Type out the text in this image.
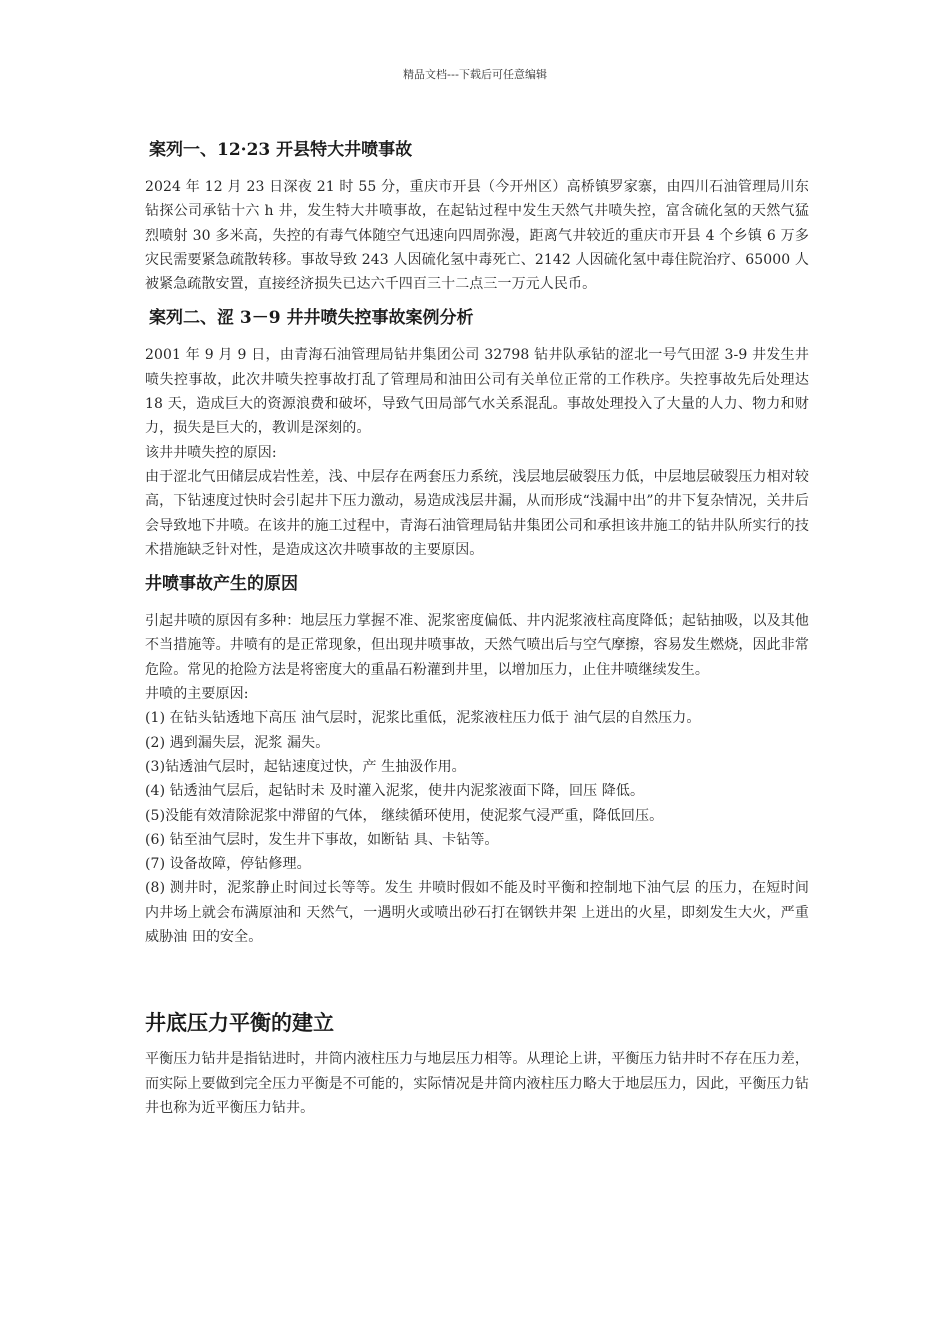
精品文档---下载后可任意编辑
案列一、12·23 开县特大井喷事故

2024 年 12 月 23 日深夜 21 时 55 分，重庆市开县（今开州区）高桥镇罗家寨，由四川石油管理局川东钻探公司承钻十六 h 井，发生特大井喷事故，在起钻过程中发生天然气井喷失控，富含硫化氢的天然气猛烈喷射 30 多米高，失控的有毒气体随空气迅速向四周弥漫，距离气井较近的重庆市开县 4 个乡镇 6 万多灾民需要紧急疏散转移。事故导致 243 人因硫化氢中毒死亡、2142 人因硫化氢中毒住院治疗、65000 人被紧急疏散安置，直接经济损失已达六千四百三十二点三一万元人民币。

案列二、涩 3－9 井井喷失控事故案例分析

2001 年 9 月 9 日，由青海石油管理局钻井集团公司 32798 钻井队承钻的涩北一号气田涩 3-9 井发生井喷失控事故，此次井喷失控事故打乱了管理局和油田公司有关单位正常的工作秩序。失控事故先后处理达 18 天，造成巨大的资源浪费和破坏，导致气田局部气水关系混乱。事故处理投入了大量的人力、物力和财力，损失是巨大的，教训是深刻的。

该井井喷失控的原因:

由于涩北气田储层成岩性差，浅、中层存在两套压力系统，浅层地层破裂压力低，中层地层破裂压力相对较高，下钻速度过快时会引起井下压力激动，易造成浅层井漏，从而形成“浅漏中出”的井下复杂情况，关井后会导致地下井喷。在该井的施工过程中，青海石油管理局钻井集团公司和承担该井施工的钻井队所实行的技术措施缺乏针对性，是造成这次井喷事故的主要原因。

井喷事故产生的原因

引起井喷的原因有多种：地层压力掌握不准、泥浆密度偏低、井内泥浆液柱高度降低；起钻抽吸，以及其他不当措施等。井喷有的是正常现象，但出现井喷事故，天然气喷出后与空气摩擦，容易发生燃烧，因此非常危险。常见的抢险方法是将密度大的重晶石粉灌到井里，以增加压力，止住井喷继续发生。

井喷的主要原因:

(1) 在钻头钻透地下高压 油气层时，泥浆比重低，泥浆液柱压力低于 油气层的自然压力。

(2) 遇到漏失层，泥浆 漏失。

(3)钻透油气层时，起钻速度过快，产 生抽汲作用。

(4) 钻透油气层后，起钻时未 及时灌入泥浆，使井内泥浆液面下降，回压 降低。

(5)没能有效清除泥浆中滞留的气体， 继续循环使用，使泥浆气浸严重，降低回压。

(6) 钻至油气层时，发生井下事故，如断钻 具、卡钻等。

(7) 设备故障，停钻修理。

(8) 测井时，泥浆静止时间过长等等。发生 井喷时假如不能及时平衡和控制地下油气层 的压力，在短时间内井场上就会布满原油和 天然气，一遇明火或喷出砂石打在钢铁井架 上迸出的火星，即刻发生大火，严重威胁油 田的安全。

井底压力平衡的建立

平衡压力钻井是指钻进时，井筒内液柱压力与地层压力相等。从理论上讲，平衡压力钻井时不存在压力差，而实际上要做到完全压力平衡是不可能的，实际情况是井筒内液柱压力略大于地层压力，因此，平衡压力钻井也称为近平衡压力钻井。
